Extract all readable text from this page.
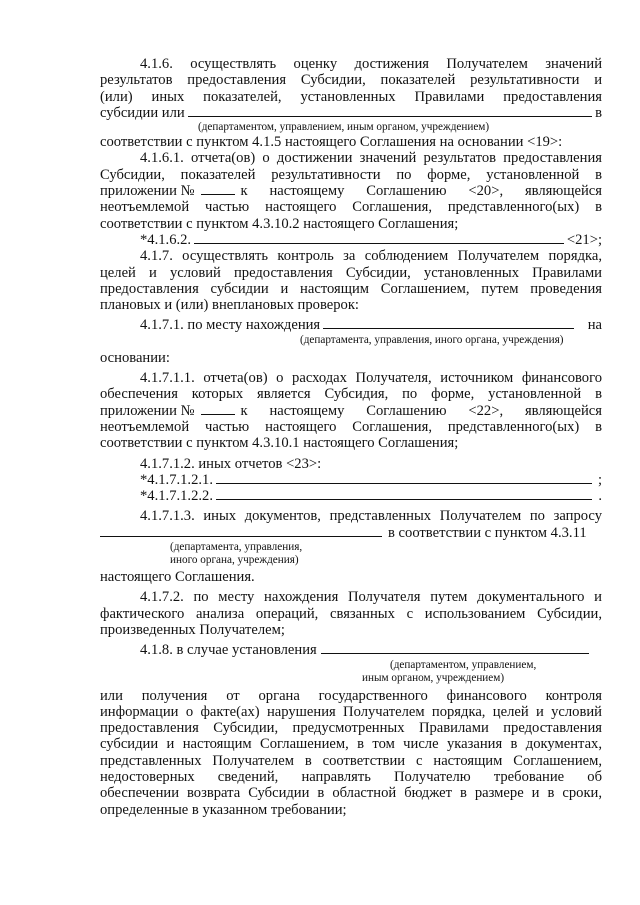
4.1.6. осуществлять оценку достижения Получателем значений

результатов предоставления Субсидии, показателей результативности и

(или) иных показателей, установленных Правилами предоставления

субсидии или	в
(департаментом, управлением, иным органом, учреждением)

соответствии с пунктом 4.1.5 настоящего Соглашения на основании <19>:

4.1.6.1. отчета(ов) о достижении значений результатов предоставления

Субсидии, показателей результативности по форме, установленной в

приложении №	к настоящему Соглашению <20>, являющейся

неотъемлемой частью настоящего Соглашения, представленного(ых) в

соответствии с пунктом 4.3.10.2 настоящего Соглашения;

*4.1.6.2.	<21>;

4.1.7. осуществлять контроль за соблюдением Получателем порядка,

целей и условий предоставления Субсидии, установленных Правилами

предоставления субсидии и настоящим Соглашением, путем проведения

плановых и (или) внеплановых проверок:

4.1.7.1. по месту нахождения	на
(департамента, управления, иного органа, учреждения)

основании:

4.1.7.1.1. отчета(ов) о расходах Получателя, источником финансового

обеспечения которых является Субсидия, по форме, установленной в

приложении №	к настоящему Соглашению <22>, являющейся

неотъемлемой частью настоящего Соглашения, представленного(ых) в

соответствии с пунктом 4.3.10.1 настоящего Соглашения;

4.1.7.1.2. иных отчетов <23>:

*4.1.7.1.2.1.	;
*4.1.7.1.2.2.	.

4.1.7.1.3. иных документов, представленных Получателем по запросу

в соответствии с пунктом 4.3.11
(департамента, управления,
иного органа, учреждения)

настоящего Соглашения.

4.1.7.2. по месту нахождения Получателя путем документального и

фактического анализа операций, связанных с использованием Субсидии,

произведенных Получателем;

4.1.8. в случае установления
(департаментом, управлением,
иным органом, учреждением)

или получения от органа государственного финансового контроля

информации о факте(ах) нарушения Получателем порядка, целей и условий

предоставления Субсидии, предусмотренных Правилами предоставления

субсидии и настоящим Соглашением, в том числе указания в документах,

представленных Получателем в соответствии с настоящим Соглашением,

недостоверных сведений, направлять Получателю требование об

обеспечении возврата Субсидии в областной бюджет в размере и в сроки,

определенные в указанном требовании;
